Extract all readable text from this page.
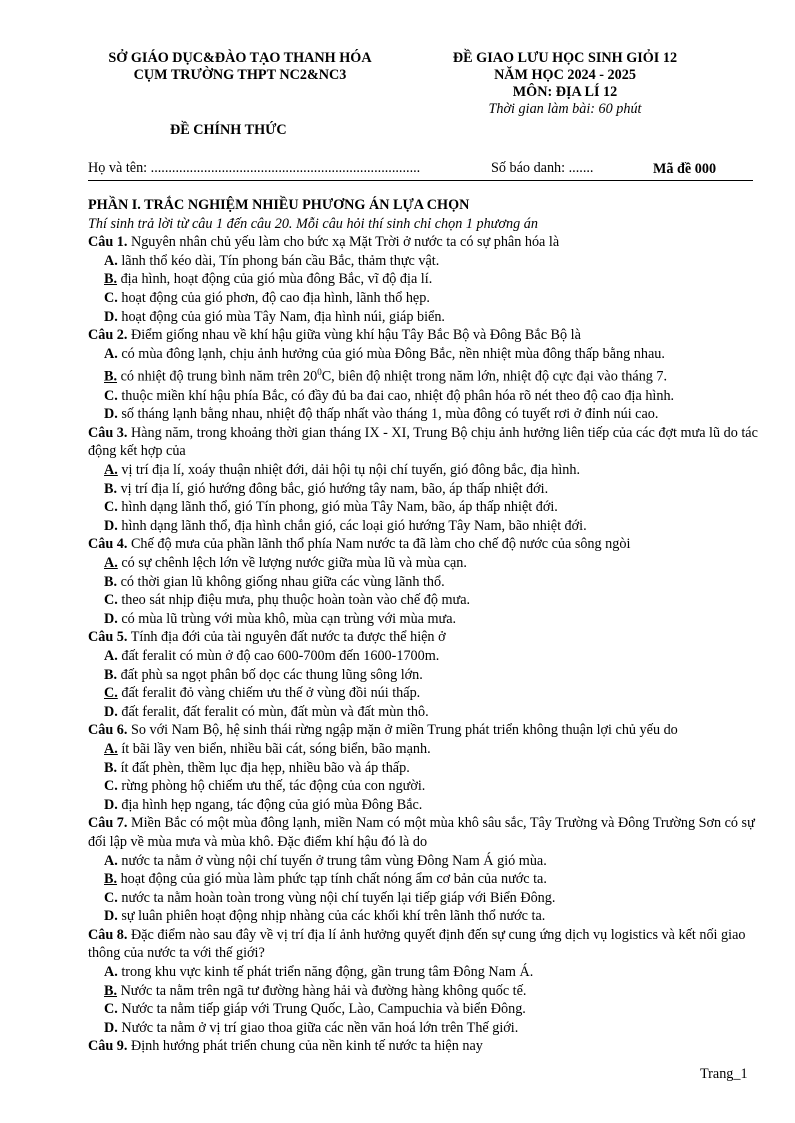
SỞ GIÁO DỤC&ĐÀO TẠO THANH HÓA
CỤM TRƯỜNG THPT NC2&NC3
ĐỀ GIAO LƯU HỌC SINH GIỎI 12
NĂM HỌC 2024 - 2025
MÔN: ĐỊA LÍ 12
Thời gian làm bài: 60 phút
ĐỀ CHÍNH THỨC
Họ và tên: ............................................................................	Số báo danh: .......	Mã đề 000
PHẦN I. TRẮC NGHIỆM NHIỀU PHƯƠNG ÁN LỰA CHỌN
Thí sinh trả lời từ câu 1 đến câu 20. Mỗi câu hỏi thí sinh chỉ chọn 1 phương án
Câu 1. Nguyên nhân chủ yếu làm cho bức xạ Mặt Trời ở nước ta có sự phân hóa là
A. lãnh thổ kéo dài, Tín phong bán cầu Bắc, thảm thực vật.
B. địa hình, hoạt động của gió mùa đông Bắc, vĩ độ địa lí.
C. hoạt động của gió phơn, độ cao địa hình, lãnh thổ hẹp.
D. hoạt động của gió mùa Tây Nam, địa hình núi, giáp biển.
Câu 2. Điểm giống nhau về khí hậu giữa vùng khí hậu Tây Bắc Bộ và Đông Bắc Bộ là
A. có mùa đông lạnh, chịu ảnh hưởng của gió mùa Đông Bắc, nền nhiệt mùa đông thấp bằng nhau.
B. có nhiệt độ trung bình năm trên $20^0C$, biên độ nhiệt trong năm lớn, nhiệt độ cực đại vào tháng 7.
C. thuộc miền khí hậu phía Bắc, có đầy đủ ba đai cao, nhiệt độ phân hóa rõ nét theo độ cao địa hình.
D. số tháng lạnh bằng nhau, nhiệt độ thấp nhất vào tháng 1, mùa đông có tuyết rơi ở đỉnh núi cao.
Câu 3. Hàng năm, trong khoảng thời gian tháng IX - XI, Trung Bộ chịu ảnh hưởng liên tiếp của các đợt mưa lũ do tác động kết hợp của
A. vị trí địa lí, xoáy thuận nhiệt đới, dải hội tụ nội chí tuyến, gió đông bắc, địa hình.
B. vị trí địa lí, gió hướng đông bắc, gió hướng tây nam, bão, áp thấp nhiệt đới.
C. hình dạng lãnh thổ, gió Tín phong, gió mùa Tây Nam, bão, áp thấp nhiệt đới.
D. hình dạng lãnh thổ, địa hình chắn gió, các loại gió hướng Tây Nam, bão nhiệt đới.
Câu 4. Chế độ mưa của phần lãnh thổ phía Nam nước ta đã làm cho chế độ nước của sông ngòi
A. có sự chênh lệch lớn về lượng nước giữa mùa lũ và mùa cạn.
B. có thời gian lũ không giống nhau giữa các vùng lãnh thổ.
C. theo sát nhịp điệu mưa, phụ thuộc hoàn toàn vào chế độ mưa.
D. có mùa lũ trùng với mùa khô, mùa cạn trùng với mùa mưa.
Câu 5. Tính địa đới của tài nguyên đất nước ta được thể hiện ở
A. đất feralit có mùn ở độ cao 600-700m đến 1600-1700m.
B. đất phù sa ngọt phân bố dọc các thung lũng sông lớn.
C. đất feralit đỏ vàng chiếm ưu thế ở vùng đồi núi thấp.
D. đất feralit, đất feralit có mùn, đất mùn và đất mùn thô.
Câu 6. So với Nam Bộ, hệ sinh thái rừng ngập mặn ở miền Trung phát triển không thuận lợi chủ yếu do
A. ít bãi lầy ven biển, nhiều bãi cát, sóng biển, bão mạnh.
B. ít đất phèn, thềm lục địa hẹp, nhiều bão và áp thấp.
C. rừng phòng hộ chiếm ưu thế, tác động của con người.
D. địa hình hẹp ngang, tác động của gió mùa Đông Bắc.
Câu 7. Miền Bắc có một mùa đông lạnh, miền Nam có một mùa khô sâu sắc, Tây Trường và Đông Trường Sơn có sự đối lập về mùa mưa và mùa khô. Đặc điểm khí hậu đó là do
A. nước ta nằm ở vùng nội chí tuyến ở trung tâm vùng Đông Nam Á gió mùa.
B. hoạt động của gió mùa làm phức tạp tính chất nóng ẩm cơ bản của nước ta.
C. nước ta nằm hoàn toàn trong vùng nội chí tuyến lại tiếp giáp với Biển Đông.
D. sự luân phiên hoạt động nhịp nhàng của các khối khí trên lãnh thổ nước ta.
Câu 8. Đặc điểm nào sau đây về vị trí địa lí ảnh hưởng quyết định đến sự cung ứng dịch vụ logistics và kết nối giao thông của nước ta với thế giới?
A. trong khu vực kinh tế phát triển năng động, gần trung tâm Đông Nam Á.
B. Nước ta nằm trên ngã tư đường hàng hải và đường hàng không quốc tế.
C. Nước ta nằm tiếp giáp với Trung Quốc, Lào, Campuchia và biển Đông.
D. Nước ta nằm ở vị trí giao thoa giữa các nền văn hoá lớn trên Thế giới.
Câu 9. Định hướng phát triển chung của nền kinh tế nước ta hiện nay
Trang_1
